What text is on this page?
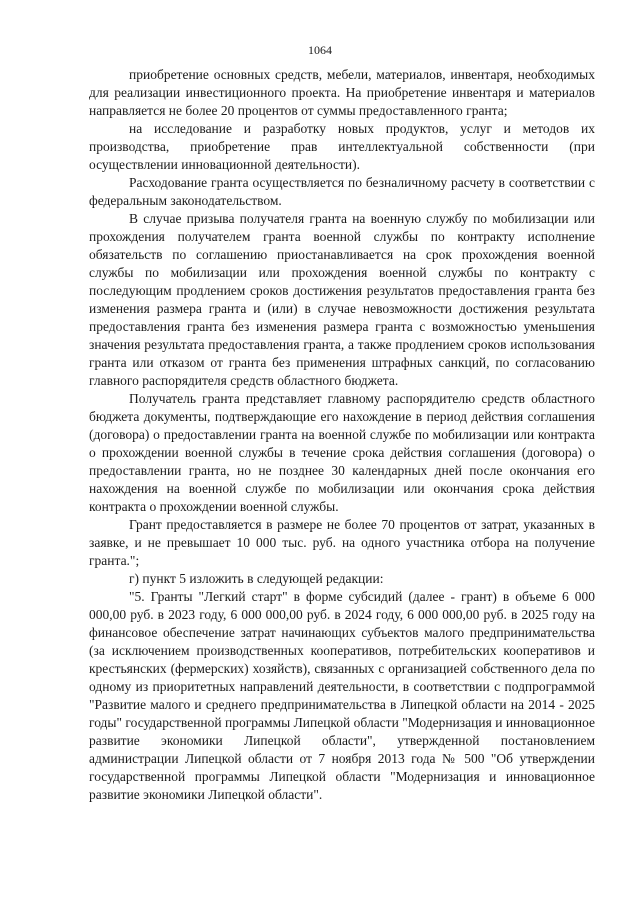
1064

приобретение основных средств, мебели, материалов, инвентаря, необходимых для реализации инвестиционного проекта. На приобретение инвентаря и материалов направляется не более 20 процентов от суммы предоставленного гранта;

на исследование и разработку новых продуктов, услуг и методов их производства, приобретение прав интеллектуальной собственности (при осуществлении инновационной деятельности).

Расходование гранта осуществляется по безналичному расчету в соответствии с федеральным законодательством.

В случае призыва получателя гранта на военную службу по мобилизации или прохождения получателем гранта военной службы по контракту исполнение обязательств по соглашению приостанавливается на срок прохождения военной службы по мобилизации или прохождения военной службы по контракту с последующим продлением сроков достижения результатов предоставления гранта без изменения размера гранта и (или) в случае невозможности достижения результата предоставления гранта без изменения размера гранта с возможностью уменьшения значения результата предоставления гранта, а также продлением сроков использования гранта или отказом от гранта без применения штрафных санкций, по согласованию главного распорядителя средств областного бюджета.

Получатель гранта представляет главному распорядителю средств областного бюджета документы, подтверждающие его нахождение в период действия соглашения (договора) о предоставлении гранта на военной службе по мобилизации или контракта о прохождении военной службы в течение срока действия соглашения (договора) о предоставлении гранта, но не позднее 30 календарных дней после окончания его нахождения на военной службе по мобилизации или окончания срока действия контракта о прохождении военной службы.

Грант предоставляется в размере не более 70 процентов от затрат, указанных в заявке, и не превышает 10 000 тыс. руб. на одного участника отбора на получение гранта.";

г) пункт 5 изложить в следующей редакции:

"5. Гранты "Легкий старт" в форме субсидий (далее - грант) в объеме 6 000 000,00 руб. в 2023 году, 6 000 000,00 руб. в 2024 году, 6 000 000,00 руб. в 2025 году на финансовое обеспечение затрат начинающих субъектов малого предпринимательства (за исключением производственных кооперативов, потребительских кооперативов и крестьянских (фермерских) хозяйств), связанных с организацией собственного дела по одному из приоритетных направлений деятельности, в соответствии с подпрограммой "Развитие малого и среднего предпринимательства в Липецкой области на 2014 - 2025 годы" государственной программы Липецкой области "Модернизация и инновационное развитие экономики Липецкой области", утвержденной постановлением администрации Липецкой области от 7 ноября 2013 года № 500 "Об утверждении государственной программы Липецкой области "Модернизация и инновационное развитие экономики Липецкой области".
